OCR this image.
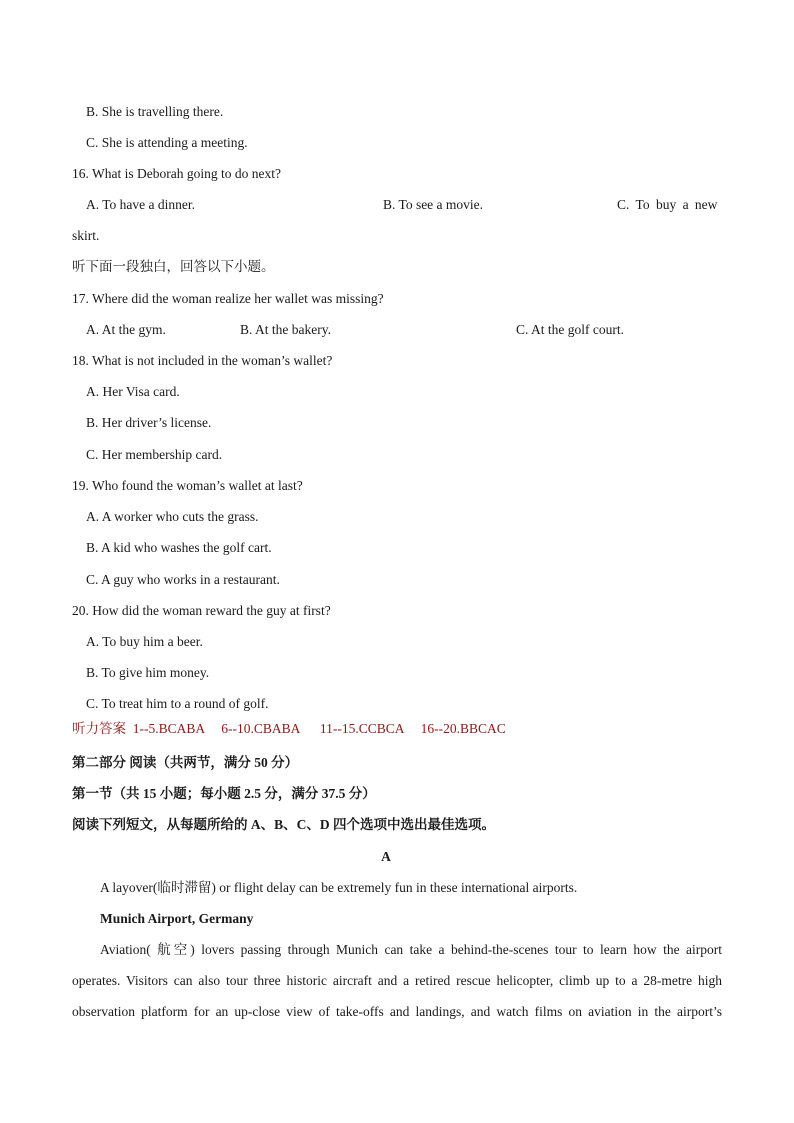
B. She is travelling there.
C. She is attending a meeting.
16. What is Deborah going to do next?
A. To have a dinner.	B. To see a movie.	C. To buy a new
skirt.
听下面一段独白，回答以下小题。
17. Where did the woman realize her wallet was missing?
A. At the gym.	B. At the bakery.	C. At the golf court.
18. What is not included in the woman’s wallet?
A. Her Visa card.
B. Her driver’s license.
C. Her membership card.
19. Who found the woman’s wallet at last?
A. A worker who cuts the grass.
B. A kid who washes the golf cart.
C. A guy who works in a restaurant.
20. How did the woman reward the guy at first?
A. To buy him a beer.
B. To give him money.
C. To treat him to a round of golf.
听力答案  1--5.BCABA     6--10.CBABA      11--15.CCBCA     16--20.BBCAC
第二部分 阅读（共两节，满分 50 分）
第一节（共 15 小题；每小题 2.5 分，满分 37.5 分）
阅读下列短文，从每题所给的 A、B、C、D 四个选项中选出最佳选项。
A
A layover(临时滞留) or flight delay can be extremely fun in these international airports.
Munich Airport, Germany
Aviation( 航空) lovers passing through Munich can take a behind-the-scenes tour to learn how the airport
operates. Visitors can also tour three historic aircraft and a retired rescue helicopter, climb up to a 28-metre high
observation platform for an up-close view of take-offs and landings, and watch films on aviation in the airport’s
